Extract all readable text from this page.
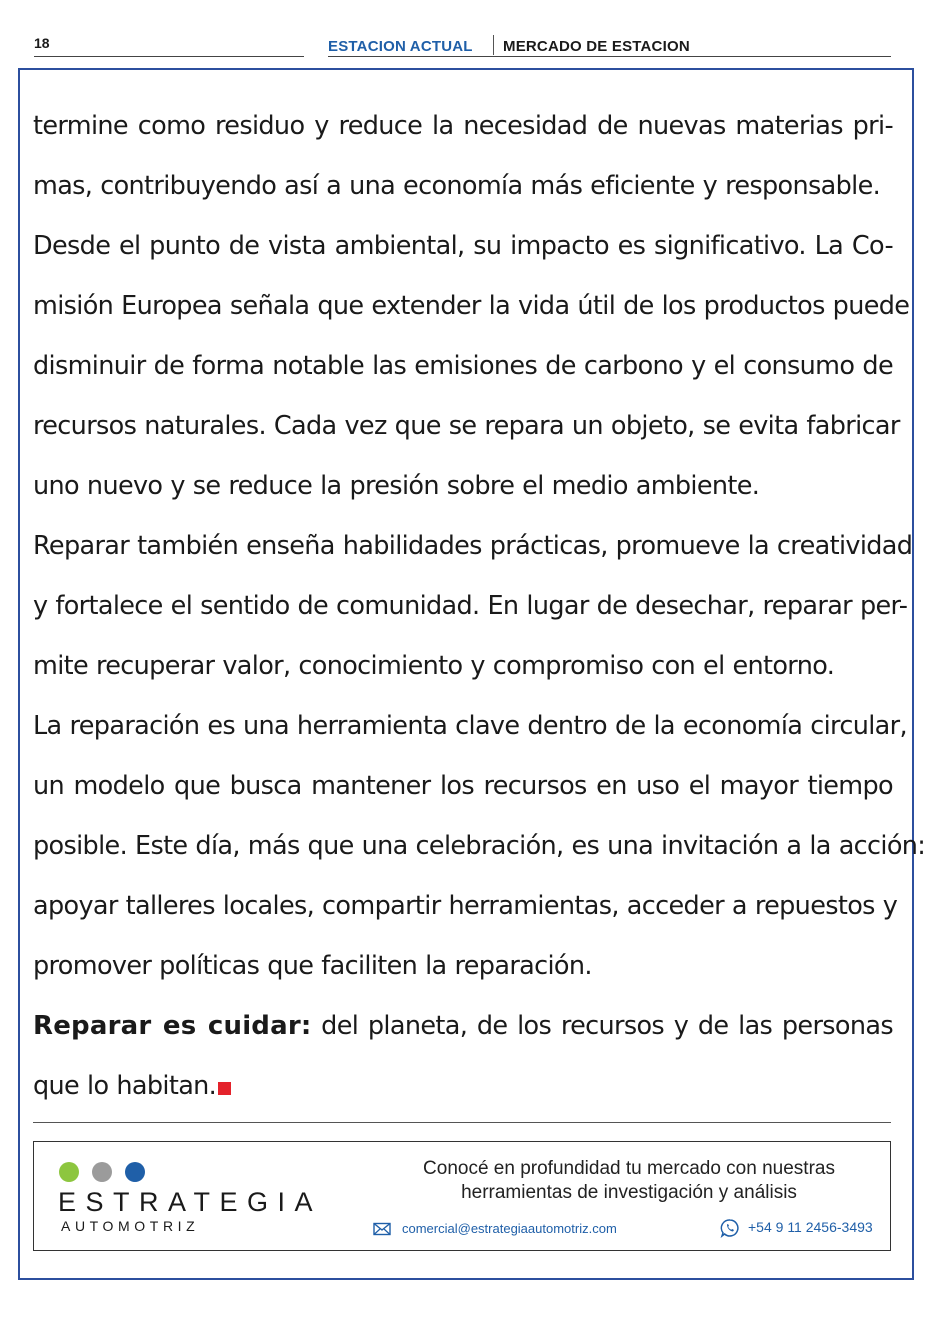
18	ESTACION ACTUAL MERCADO DE ESTACION
termine como residuo y reduce la necesidad de nuevas materias pri-
mas, contribuyendo así a una economía más eficiente y responsable.
Desde el punto de vista ambiental, su impacto es significativo. La Co-
misión Europea señala que extender la vida útil de los productos puede
disminuir de forma notable las emisiones de carbono y el consumo de
recursos naturales. Cada vez que se repara un objeto, se evita fabricar
uno nuevo y se reduce la presión sobre el medio ambiente.
Reparar también enseña habilidades prácticas, promueve la creatividad
y fortalece el sentido de comunidad. En lugar de desechar, reparar per-
mite recuperar valor, conocimiento y compromiso con el entorno.
La reparación es una herramienta clave dentro de la economía circular,
un modelo que busca mantener los recursos en uso el mayor tiempo
posible. Este día, más que una celebración, es una invitación a la acción:
apoyar talleres locales, compartir herramientas, acceder a repuestos y
promover políticas que faciliten la reparación.
Reparar es cuidar: del planeta, de los recursos y de las personas
que lo habitan.
ESTRATEGIA
AUTOMOTRIZ
Conocé en profundidad tu mercado con nuestras
herramientas de investigación y análisis
comercial@estrategiaautomotriz.com	+54 9 11 2456-3493
